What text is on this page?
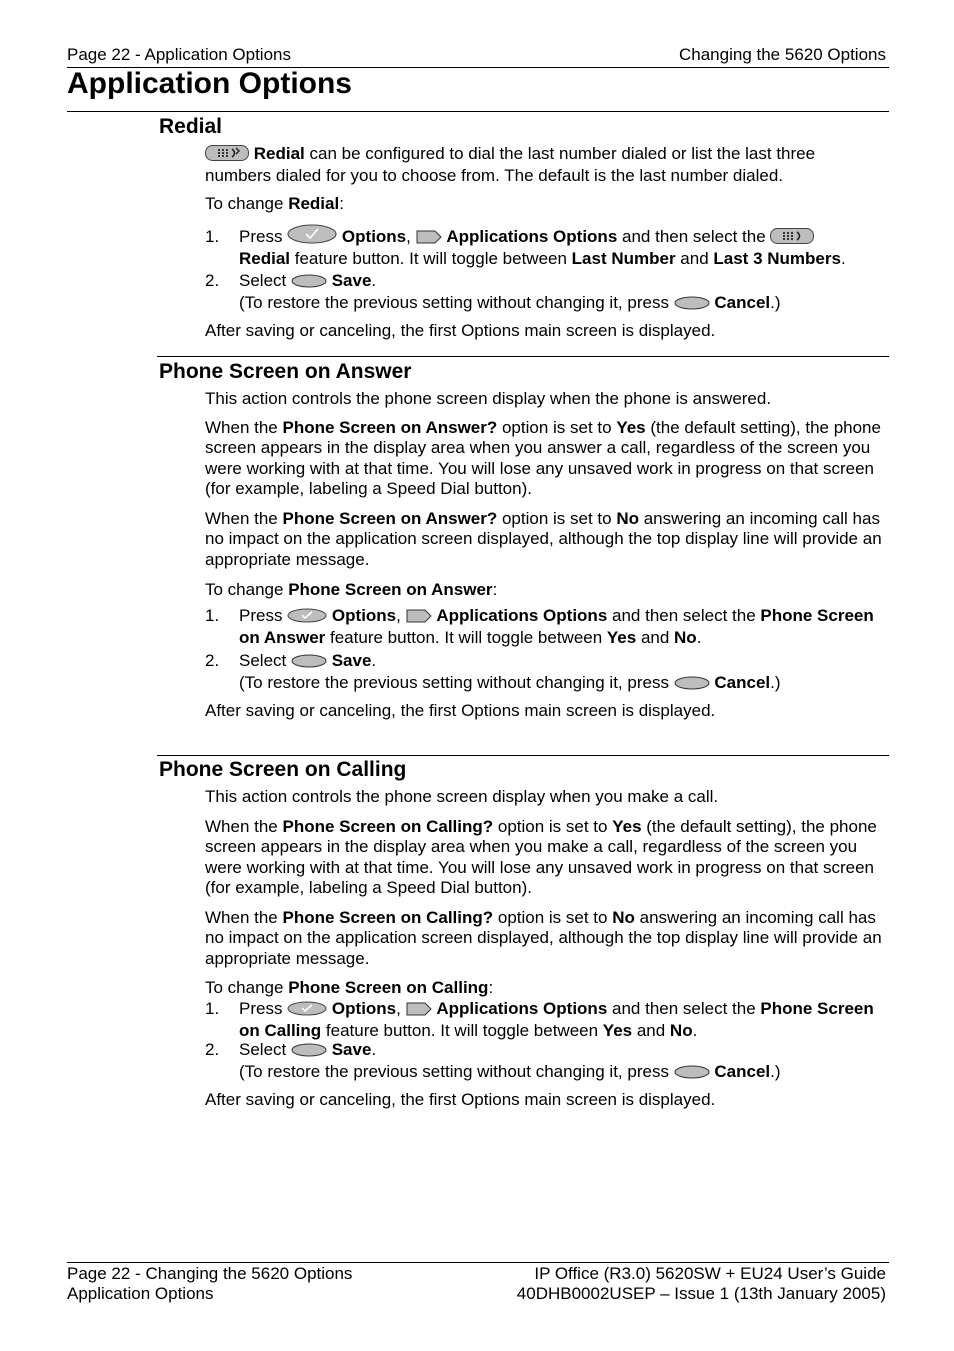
Page 22 - Application Options	Changing the 5620 Options
Application Options
Redial
Redial can be configured to dial the last number dialed or list the last three numbers dialed for you to choose from. The default is the last number dialed.
To change Redial:
1.	Press	Options,  Applications Options and then select the
Redial feature button. It will toggle between Last Number and Last 3 Numbers.
2.	Select  Save.
(To restore the previous setting without changing it, press  Cancel.)
After saving or canceling, the first Options main screen is displayed.
Phone Screen on Answer
This action controls the phone screen display when the phone is answered.
When the Phone Screen on Answer? option is set to Yes (the default setting), the phone screen appears in the display area when you answer a call, regardless of the screen you were working with at that time. You will lose any unsaved work in progress on that screen (for example, labeling a Speed Dial button).
When the Phone Screen on Answer? option is set to No answering an incoming call has no impact on the application screen displayed, although the top display line will provide an appropriate message.
To change Phone Screen on Answer:
1.	Press	Options,  Applications Options and then select the Phone Screen on Answer feature button. It will toggle between Yes and No.
2.	Select  Save.
(To restore the previous setting without changing it, press  Cancel.)
After saving or canceling, the first Options main screen is displayed.
Phone Screen on Calling
This action controls the phone screen display when you make a call.
When the Phone Screen on Calling? option is set to Yes (the default setting), the phone screen appears in the display area when you make a call, regardless of the screen you were working with at that time. You will lose any unsaved work in progress on that screen (for example, labeling a Speed Dial button).
When the Phone Screen on Calling? option is set to No answering an incoming call has no impact on the application screen displayed, although the top display line will provide an appropriate message.
To change Phone Screen on Calling:
1.	Press	Options,  Applications Options and then select the Phone Screen on Calling feature button. It will toggle between Yes and No.
2.	Select  Save.
(To restore the previous setting without changing it, press  Cancel.)
After saving or canceling, the first Options main screen is displayed.
Page 22 - Changing the 5620 Options
Application Options
IP Office (R3.0) 5620SW + EU24 User’s Guide
40DHB0002USEP – Issue 1 (13th January 2005)
